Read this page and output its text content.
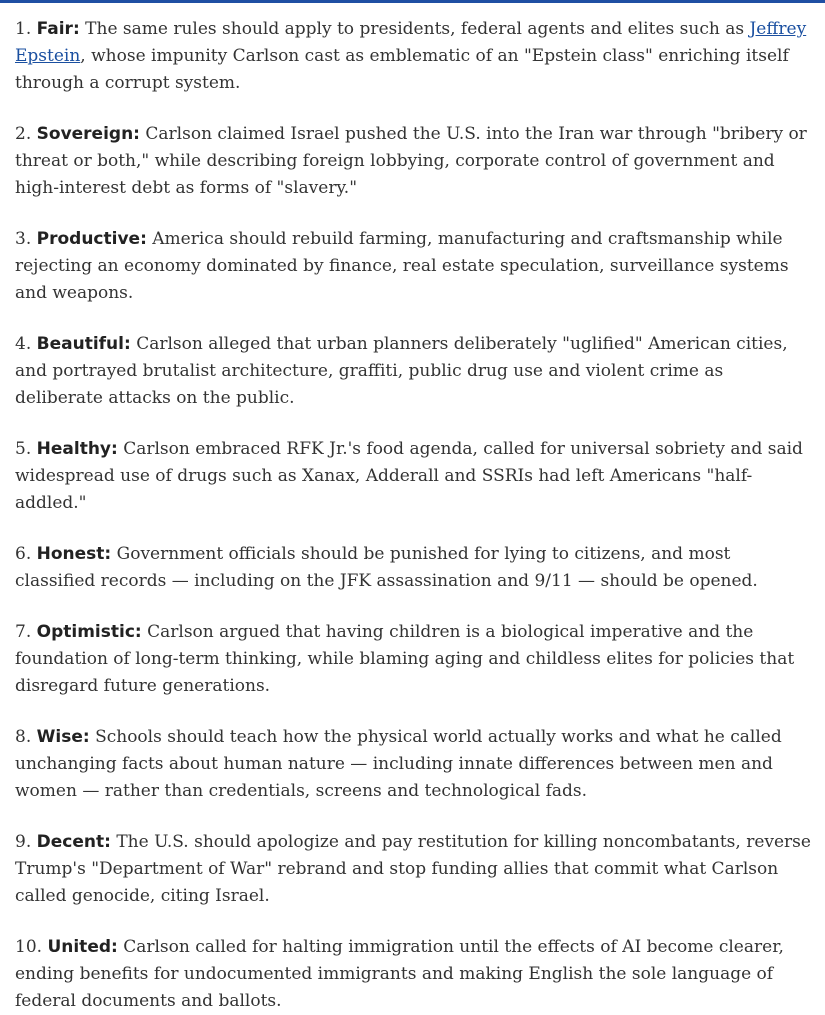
1. Fair: The same rules should apply to presidents, federal agents and elites such as Jeffrey Epstein, whose impunity Carlson cast as emblematic of an "Epstein class" enriching itself through a corrupt system.

2. Sovereign: Carlson claimed Israel pushed the U.S. into the Iran war through "bribery or threat or both," while describing foreign lobbying, corporate control of government and high-interest debt as forms of "slavery."

3. Productive: America should rebuild farming, manufacturing and craftsmanship while rejecting an economy dominated by finance, real estate speculation, surveillance systems and weapons.

4. Beautiful: Carlson alleged that urban planners deliberately "uglified" American cities, and portrayed brutalist architecture, graffiti, public drug use and violent crime as deliberate attacks on the public.

5. Healthy: Carlson embraced RFK Jr.'s food agenda, called for universal sobriety and said widespread use of drugs such as Xanax, Adderall and SSRIs had left Americans "half-addled."

6. Honest: Government officials should be punished for lying to citizens, and most classified records — including on the JFK assassination and 9/11 — should be opened.

7. Optimistic: Carlson argued that having children is a biological imperative and the foundation of long-term thinking, while blaming aging and childless elites for policies that disregard future generations.

8. Wise: Schools should teach how the physical world actually works and what he called unchanging facts about human nature — including innate differences between men and women — rather than credentials, screens and technological fads.

9. Decent: The U.S. should apologize and pay restitution for killing noncombatants, reverse Trump's "Department of War" rebrand and stop funding allies that commit what Carlson called genocide, citing Israel.

10. United: Carlson called for halting immigration until the effects of AI become clearer, ending benefits for undocumented immigrants and making English the sole language of federal documents and ballots.
